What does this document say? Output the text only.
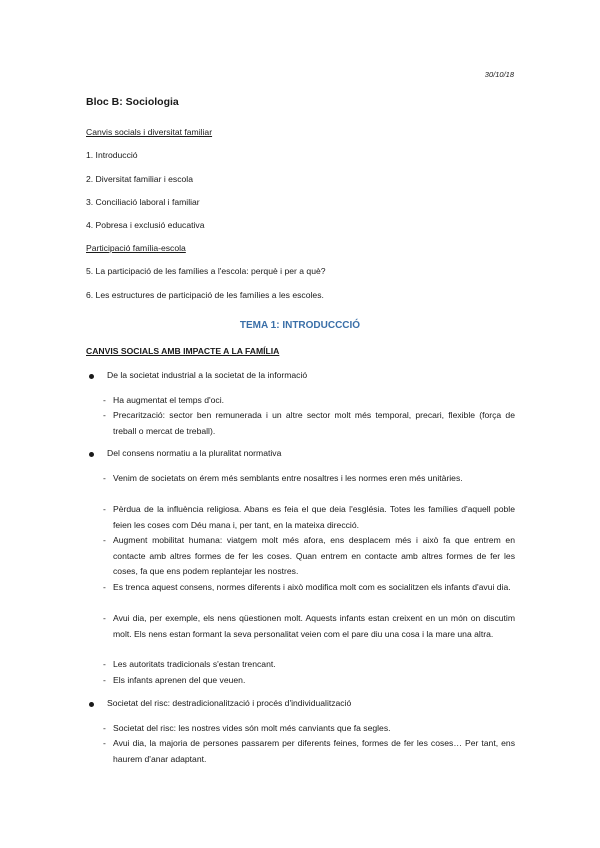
30/10/18
Bloc B: Sociologia
Canvis socials i diversitat familiar
1. Introducció
2. Diversitat familiar i escola
3. Conciliació laboral i familiar
4. Pobresa i exclusió educativa
Participació família-escola
5. La participació de les famílies a l'escola: perquè i per a què?
6. Les estructures de participació de les famílies a les escoles.
TEMA 1: INTRODUCCCIÓ
CANVIS SOCIALS AMB IMPACTE A LA FAMÍLIA
De la societat industrial a la societat de la informació
- Ha augmentat el temps d'oci.

- Precarització: sector ben remunerada i un altre sector molt més temporal, precari, flexible (força de treball o mercat de treball).

Del consens normatiu a la pluralitat normativa
- Venim de societats on érem més semblants entre nosaltres i les normes eren més unitàries.

- Pèrdua de la influència religiosa. Abans es feia el que deia l'església. Totes les famílies d'aquell poble feien les coses com Déu mana i, per tant, en la mateixa direcció.

- Augment mobilitat humana: viatgem molt més afora, ens desplacem més i això fa que entrem en contacte amb altres formes de fer les coses. Quan entrem en contacte amb altres formes de fer les coses, fa que ens podem replantejar les nostres.

- Es trenca aquest consens, normes diferents i això modifica molt com es socialitzen els infants d'avui dia.

- Avui dia, per exemple, els nens qüestionen molt. Aquests infants estan creixent en un món on discutim molt. Els nens estan formant la seva personalitat veien com el pare diu una cosa i la mare una altra.

- Les autoritats tradicionals s'estan trencant.

- Els infants aprenen del que veuen.

Societat del risc: destradicionalització i procés d'individualització
- Societat del risc: les nostres vides són molt més canviants que fa segles.

- Avui dia, la majoria de persones passarem per diferents feines, formes de fer les coses… Per tant, ens haurem d'anar adaptant.
